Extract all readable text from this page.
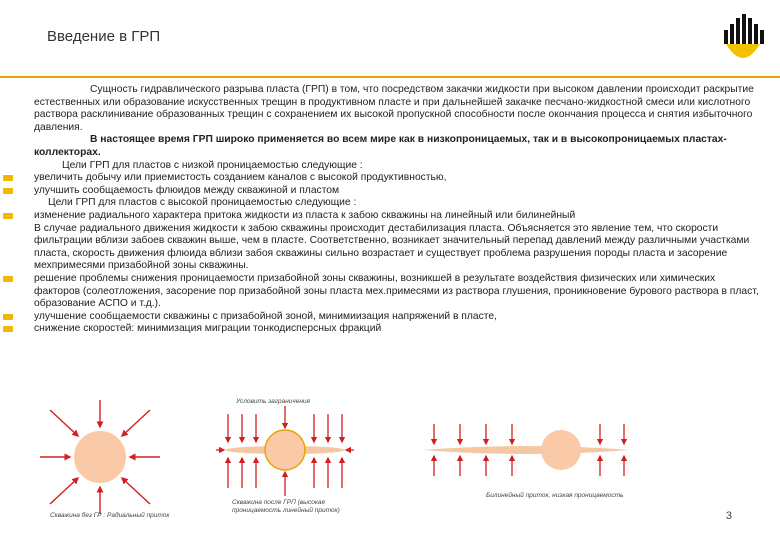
Введение в ГРП

Сущность гидравлического разрыва пласта (ГРП) в том, что посредством закачки жидкости при высоком давлении происходит раскрытие естественных или образование искусственных трещин в продуктивном пласте и при дальнейшей закачке песчано-жидкостной смеси или кислотного раствора расклинивание образованных трещин с сохранением их высокой пропускной способности после окончания процесса и снятия избыточного давления.

В настоящее время ГРП широко применяется во всем мире как в низкопроницаемых, так и в высокопроницаемых пластах-коллекторах.

Цели ГРП для пластов с низкой проницаемостью следующие :

увеличить добычу или приемистость созданием каналов с высокой продуктивностью,

улучшить сообщаемость флюидов между скважиной и пластом

Цели ГРП для пластов с высокой проницаемостью следующие :

изменение радиального характера притока жидкости из пласта к забою скважины на линейный или билинейный

В случае радиального движения жидкости к забою скважины происходит дестабилизация пласта. Объясняется это явление тем, что скорости фильтрации вблизи забоев скважин выше, чем в пласте. Соответственно, возникает значительный перепад давлений между различными участками пласта, скорость движения флюида вблизи забоя скважины сильно возрастает и существует проблема разрушения породы пласта и засорение мехпримесями призабойной зоны скважины.

решение проблемы снижения проницаемости призабойной зоны скважины, возникшей в результате воздействия физических или химических факторов (солеотложения, засорение пор призабойной зоны пласта мех.примесями из раствора глушения, проникновение бурового раствора в пласт, образование АСПО и т.д.).

улучшение сообщаемости скважины с призабойной зоной, минимиизация напряжений в пласте,

снижение скоростей: минимизация миграции тонкодисперсных фракций

Скважина без ГР : Радиальный приток
Условить заграничения
Скважина после ГРП (высокая проницаемость линейный приток)
Билинейный приток, низкая проницаемость
3
